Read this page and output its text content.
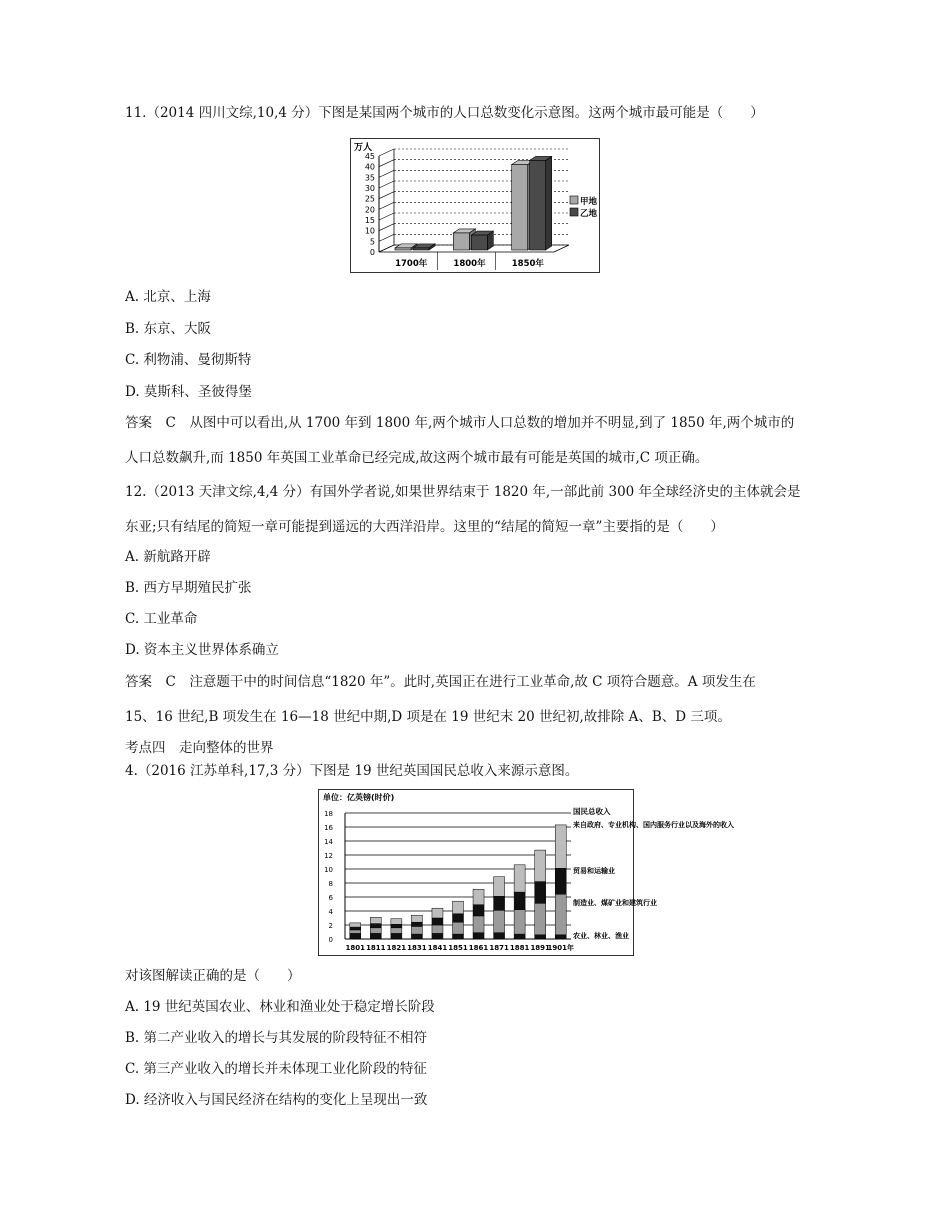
11.（2014 四川文综,10,4 分）下图是某国两个城市的人口总数变化示意图。这两个城市最可能是（　　）
万人
0
5
10
15
20
25
30
35
40
45
1700年	1800年	1850年
甲地
乙地
A. 北京、上海
B. 东京、大阪
C. 利物浦、曼彻斯特
D. 莫斯科、圣彼得堡
答案　C　从图中可以看出,从 1700 年到 1800 年,两个城市人口总数的增加并不明显,到了 1850 年,两个城市的
人口总数飙升,而 1850 年英国工业革命已经完成,故这两个城市最有可能是英国的城市,C 项正确。
12.（2013 天津文综,4,4 分）有国外学者说,如果世界结束于 1820 年,一部此前 300 年全球经济史的主体就会是
东亚;只有结尾的简短一章可能提到遥远的大西洋沿岸。这里的“结尾的简短一章”主要指的是（　　）
A. 新航路开辟
B. 西方早期殖民扩张
C. 工业革命
D. 资本主义世界体系确立
答案　C　注意题干中的时间信息“1820 年”。此时,英国正在进行工业革命,故 C 项符合题意。A 项发生在
15、16 世纪,B 项发生在 16—18 世纪中期,D 项是在 19 世纪末 20 世纪初,故排除 A、B、D 三项。
考点四　走向整体的世界
4.（2016 江苏单科,17,3 分）下图是 19 世纪英国国民总收入来源示意图。
单位：亿英镑(时价)
0
2
4
6
8
10
12
14
16
18
1801 1811 1821 1831 1841 1851 1861 1871 1881 1891
1901年
国民总收入
农业、林业、渔业
制造业、煤矿业和建筑行业
贸易和运输业
来自政府、专业机构、国内服务行业以及海外的收入
对该图解读正确的是（　　）
A. 19 世纪英国农业、林业和渔业处于稳定增长阶段
B. 第二产业收入的增长与其发展的阶段特征不相符
C. 第三产业收入的增长并未体现工业化阶段的特征
D. 经济收入与国民经济在结构的变化上呈现出一致
